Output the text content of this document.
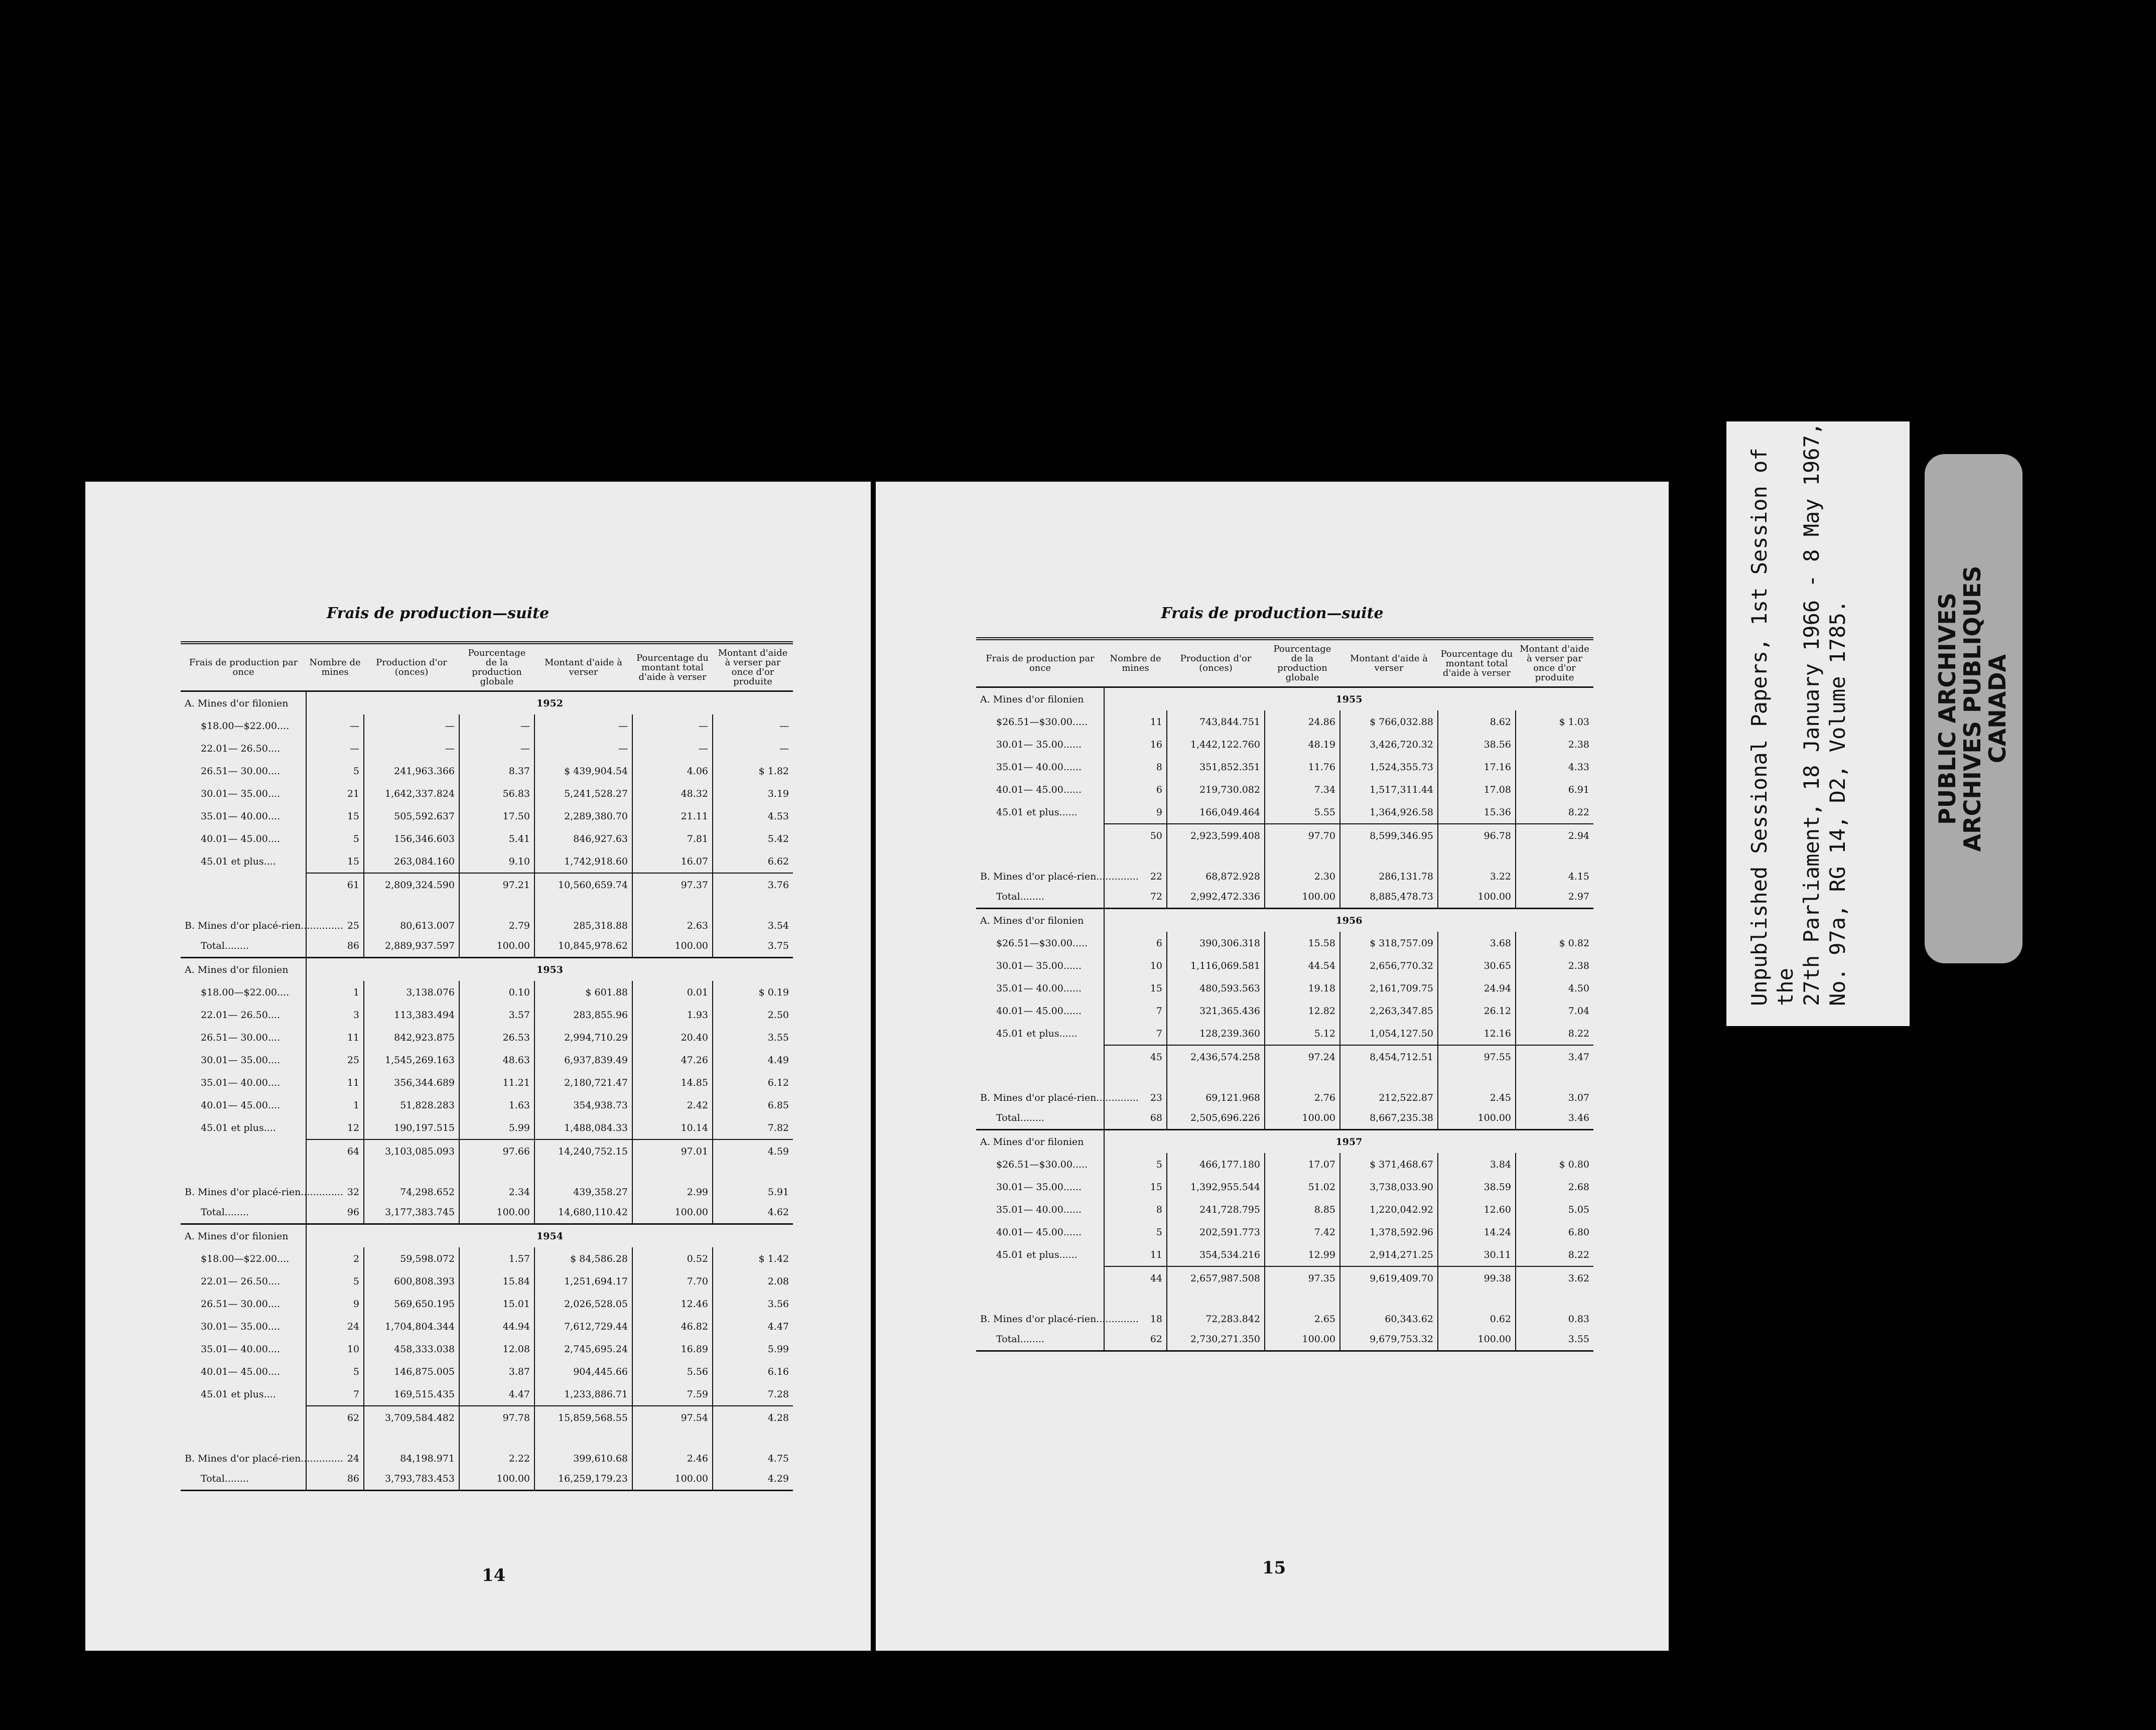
Frais de production—suite
Frais de production par once	Nombre de mines	Production d'or (onces)	Pourcentage de la production globale	Montant d'aide à verser	Pourcentage du montant total d'aide à verser	Montant d'aide à verser par once d'or produite
A. Mines d'or filonien	1952					
$18.00—$22.00....	—	—	—	—	—	—
22.01— 26.50....	—	—	—	—	—	—
26.51— 30.00....	5	241,963.366	8.37	$ 439,904.54	4.06	$ 1.82
30.01— 35.00....	21	1,642,337.824	56.83	5,241,528.27	48.32	3.19
35.01— 40.00....	15	505,592.637	17.50	2,289,380.70	21.11	4.53
40.01— 45.00....	5	156,346.603	5.41	846,927.63	7.81	5.42
45.01 et plus....	15	263,084.160	9.10	1,742,918.60	16.07	6.62
	61	2,809,324.590	97.21	10,560,659.74	97.37	3.76
B. Mines d'or placé-rien..............	25	80,613.007	2.79	285,318.88	2.63	3.54
Total........	86	2,889,937.597	100.00	10,845,978.62	100.00	3.75
A. Mines d'or filonien	1953					
$18.00—$22.00....	1	3,138.076	0.10	$ 601.88	0.01	$ 0.19
22.01— 26.50....	3	113,383.494	3.57	283,855.96	1.93	2.50
26.51— 30.00....	11	842,923.875	26.53	2,994,710.29	20.40	3.55
30.01— 35.00....	25	1,545,269.163	48.63	6,937,839.49	47.26	4.49
35.01— 40.00....	11	356,344.689	11.21	2,180,721.47	14.85	6.12
40.01— 45.00....	1	51,828.283	1.63	354,938.73	2.42	6.85
45.01 et plus....	12	190,197.515	5.99	1,488,084.33	10.14	7.82
	64	3,103,085.093	97.66	14,240,752.15	97.01	4.59
B. Mines d'or placé-rien..............	32	74,298.652	2.34	439,358.27	2.99	5.91
Total........	96	3,177,383.745	100.00	14,680,110.42	100.00	4.62
A. Mines d'or filonien	1954					
$18.00—$22.00....	2	59,598.072	1.57	$ 84,586.28	0.52	$ 1.42
22.01— 26.50....	5	600,808.393	15.84	1,251,694.17	7.70	2.08
26.51— 30.00....	9	569,650.195	15.01	2,026,528.05	12.46	3.56
30.01— 35.00....	24	1,704,804.344	44.94	7,612,729.44	46.82	4.47
35.01— 40.00....	10	458,333.038	12.08	2,745,695.24	16.89	5.99
40.01— 45.00....	5	146,875.005	3.87	904,445.66	5.56	6.16
45.01 et plus....	7	169,515.435	4.47	1,233,886.71	7.59	7.28
	62	3,709,584.482	97.78	15,859,568.55	97.54	4.28
B. Mines d'or placé-rien..............	24	84,198.971	2.22	399,610.68	2.46	4.75
Total........	86	3,793,783.453	100.00	16,259,179.23	100.00	4.29
14
Frais de production—suite
Frais de production par once	Nombre de mines	Production d'or (onces)	Pourcentage de la production globale	Montant d'aide à verser	Pourcentage du montant total d'aide à verser	Montant d'aide à verser par once d'or produite
A. Mines d'or filonien	1955					
$26.51—$30.00.....	11	743,844.751	24.86	$ 766,032.88	8.62	$ 1.03
30.01— 35.00......	16	1,442,122.760	48.19	3,426,720.32	38.56	2.38
35.01— 40.00......	8	351,852.351	11.76	1,524,355.73	17.16	4.33
40.01— 45.00......	6	219,730.082	7.34	1,517,311.44	17.08	6.91
45.01 et plus......	9	166,049.464	5.55	1,364,926.58	15.36	8.22
	50	2,923,599.408	97.70	8,599,346.95	96.78	2.94
B. Mines d'or placé-rien..............	22	68,872.928	2.30	286,131.78	3.22	4.15
Total........	72	2,992,472.336	100.00	8,885,478.73	100.00	2.97
A. Mines d'or filonien	1956					
$26.51—$30.00.....	6	390,306.318	15.58	$ 318,757.09	3.68	$ 0.82
30.01— 35.00......	10	1,116,069.581	44.54	2,656,770.32	30.65	2.38
35.01— 40.00......	15	480,593.563	19.18	2,161,709.75	24.94	4.50
40.01— 45.00......	7	321,365.436	12.82	2,263,347.85	26.12	7.04
45.01 et plus......	7	128,239.360	5.12	1,054,127.50	12.16	8.22
	45	2,436,574.258	97.24	8,454,712.51	97.55	3.47
B. Mines d'or placé-rien..............	23	69,121.968	2.76	212,522.87	2.45	3.07
Total........	68	2,505,696.226	100.00	8,667,235.38	100.00	3.46
A. Mines d'or filonien	1957					
$26.51—$30.00.....	5	466,177.180	17.07	$ 371,468.67	3.84	$ 0.80
30.01— 35.00......	15	1,392,955.544	51.02	3,738,033.90	38.59	2.68
35.01— 40.00......	8	241,728.795	8.85	1,220,042.92	12.60	5.05
40.01— 45.00......	5	202,591.773	7.42	1,378,592.96	14.24	6.80
45.01 et plus......	11	354,534.216	12.99	2,914,271.25	30.11	8.22
	44	2,657,987.508	97.35	9,619,409.70	99.38	3.62
B. Mines d'or placé-rien..............	18	72,283.842	2.65	60,343.62	0.62	0.83
Total........	62	2,730,271.350	100.00	9,679,753.32	100.00	3.55
15
Unpublished Sessional Papers, 1st Session of the 27th Parliament, 18 January 1966 - 8 May 1967, No. 97a, RG 14, D2, Volume 1785.	PUBLIC ARCHIVES
ARCHIVES PUBLIQUES
CANADA
